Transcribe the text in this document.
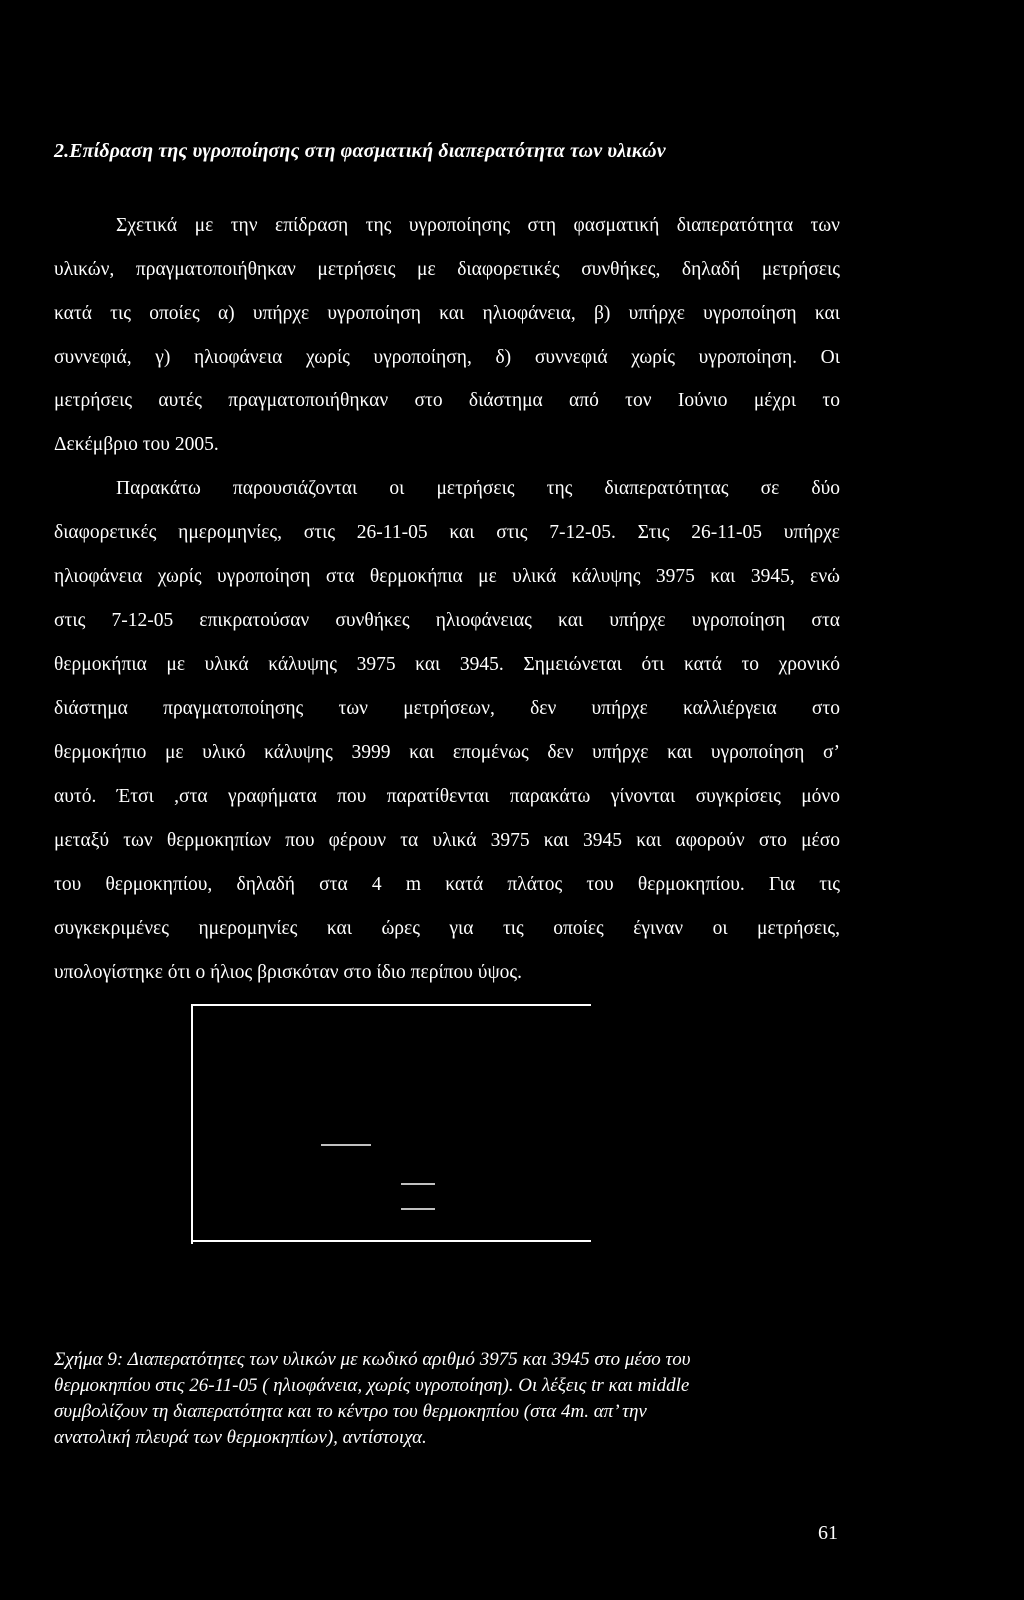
2.Επίδραση της υγροποίησης στη φασματική διαπερατότητα των υλικών
Σχετικά με την επίδραση της υγροποίησης στη φασματική διαπερατότητα των
υλικών, πραγματοποιήθηκαν μετρήσεις με διαφορετικές συνθήκες, δηλαδή μετρήσεις
κατά τις οποίες α) υπήρχε υγροποίηση και ηλιοφάνεια, β) υπήρχε υγροποίηση και
συννεφιά, γ) ηλιοφάνεια χωρίς υγροποίηση, δ) συννεφιά χωρίς υγροποίηση. Οι
μετρήσεις αυτές πραγματοποιήθηκαν στο διάστημα από τον Ιούνιο μέχρι το
Δεκέμβριο του 2005.
Παρακάτω παρουσιάζονται οι μετρήσεις της διαπερατότητας σε δύο
διαφορετικές ημερομηνίες, στις 26-11-05 και στις 7-12-05. Στις 26-11-05 υπήρχε
ηλιοφάνεια χωρίς υγροποίηση στα θερμοκήπια με υλικά κάλυψης 3975 και 3945, ενώ
στις 7-12-05 επικρατούσαν συνθήκες ηλιοφάνειας και υπήρχε υγροποίηση στα
θερμοκήπια με υλικά κάλυψης 3975 και 3945. Σημειώνεται ότι κατά το χρονικό
διάστημα πραγματοποίησης των μετρήσεων, δεν υπήρχε καλλιέργεια στο
θερμοκήπιο με υλικό κάλυψης 3999 και επομένως δεν υπήρχε και υγροποίηση σ’
αυτό. Έτσι ,στα γραφήματα που παρατίθενται παρακάτω γίνονται συγκρίσεις μόνο
μεταξύ των θερμοκηπίων που φέρουν τα υλικά 3975 και 3945 και αφορούν στο μέσο
του θερμοκηπίου, δηλαδή στα 4 m κατά πλάτος του θερμοκηπίου. Για τις
συγκεκριμένες ημερομηνίες και ώρες για τις οποίες έγιναν οι μετρήσεις,
υπολογίστηκε ότι ο ήλιος βρισκόταν στο ίδιο περίπου ύψος.
Σχήμα 9: Διαπερατότητες των υλικών με κωδικό αριθμό 3975 και 3945 στο μέσο του
θερμοκηπίου στις 26-11-05 ( ηλιοφάνεια, χωρίς υγροποίηση). Οι λέξεις tr και middle
συμβολίζουν τη διαπερατότητα και το κέντρο του θερμοκηπίου (στα 4m. απ’ την
ανατολική πλευρά των θερμοκηπίων), αντίστοιχα.
61
